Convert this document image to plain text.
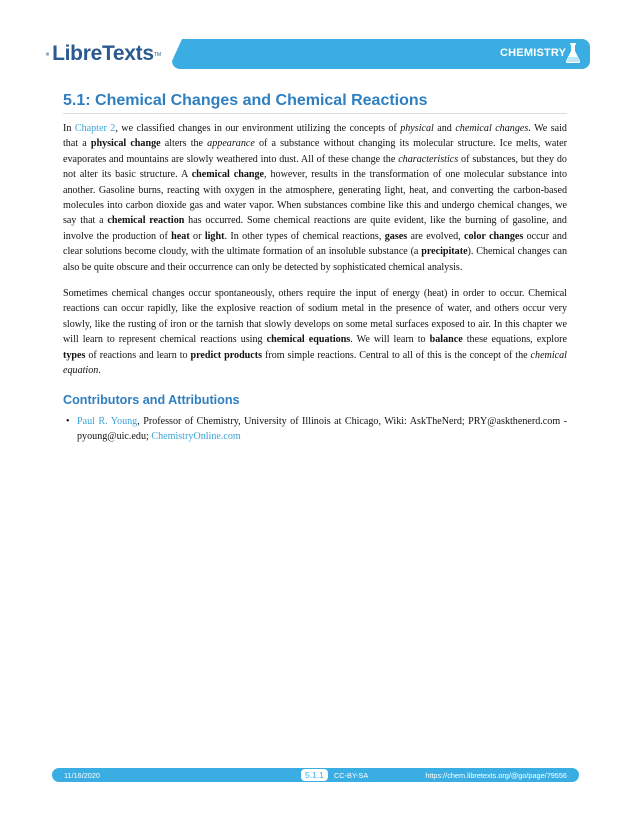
LibreTexts TM	CHEMISTRY
5.1: Chemical Changes and Chemical Reactions

In Chapter 2, we classified changes in our environment utilizing the concepts of physical and chemical changes. We said that a physical change alters the appearance of a substance without changing its molecular structure. Ice melts, water evaporates and mountains are slowly weathered into dust. All of these change the characteristics of substances, but they do not alter its basic structure. A chemical change, however, results in the transformation of one molecular substance into another. Gasoline burns, reacting with oxygen in the atmosphere, generating light, heat, and converting the carbon-based molecules into carbon dioxide gas and water vapor. When substances combine like this and undergo chemical changes, we say that a chemical reaction has occurred. Some chemical reactions are quite evident, like the burning of gasoline, and involve the production of heat or light. In other types of chemical reactions, gases are evolved, color changes occur and clear solutions become cloudy, with the ultimate formation of an insoluble substance (a precipitate). Chemical changes can also be quite obscure and their occurrence can only be detected by sophisticated chemical analysis.

Sometimes chemical changes occur spontaneously, others require the input of energy (heat) in order to occur. Chemical reactions can occur rapidly, like the explosive reaction of sodium metal in the presence of water, and others occur very slowly, like the rusting of iron or the tarnish that slowly develops on some metal surfaces exposed to air. In this chapter we will learn to represent chemical reactions using chemical equations. We will learn to balance these equations, explore types of reactions and learn to predict products from simple reactions. Central to all of this is the concept of the chemical equation.

Contributors and Attributions
• Paul R. Young, Professor of Chemistry, University of Illinois at Chicago, Wiki: AskTheNerd; PRY@askthenerd.com - pyoung@uic.edu; ChemistryOnline.com
11/16/2020	5.1.1	CC-BY-SA	https://chem.libretexts.org/@go/page/79556
